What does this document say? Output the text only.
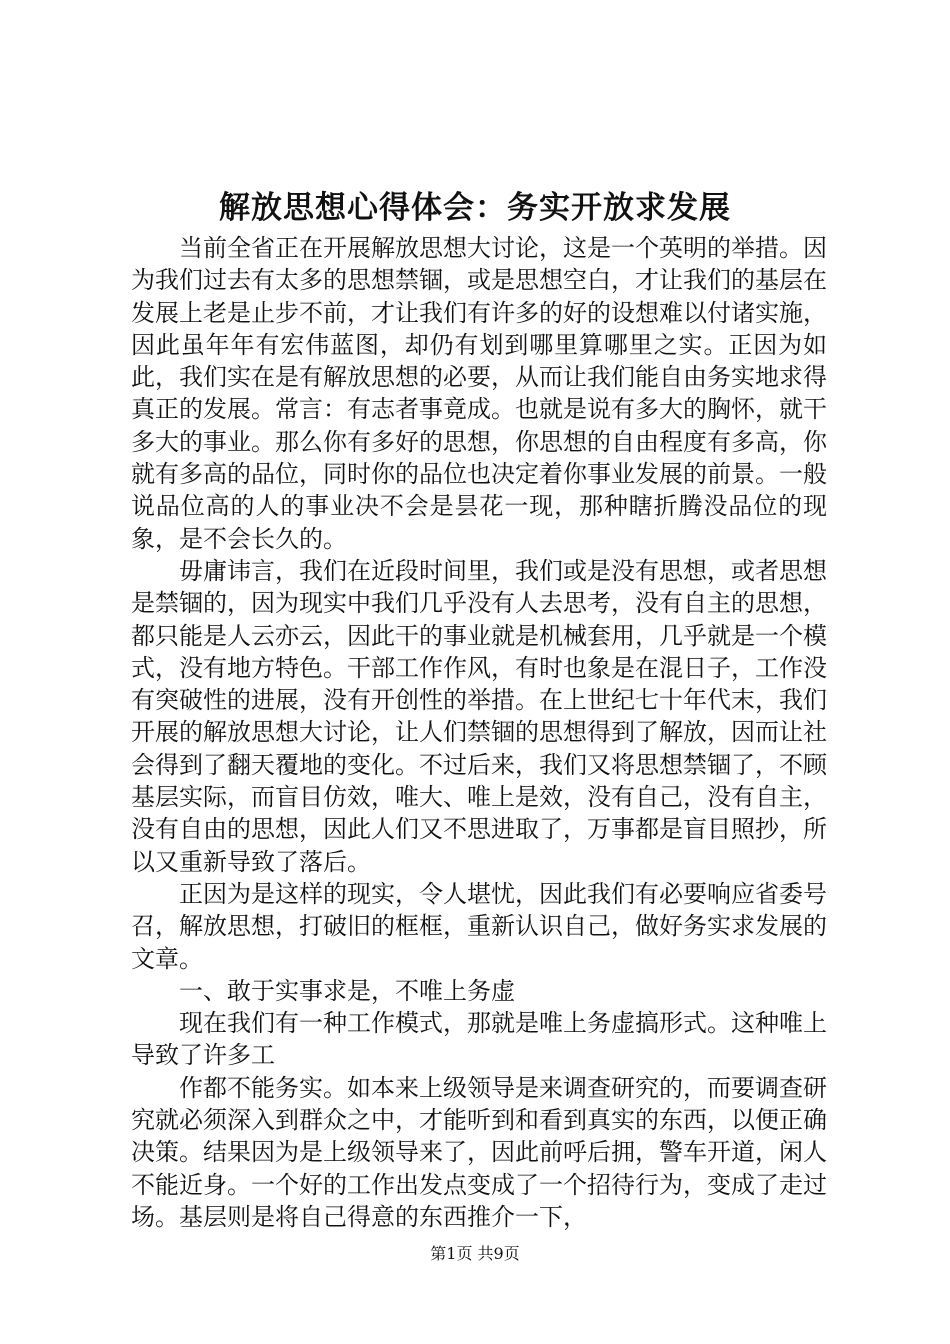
解放思想心得体会：务实开放求发展

当前全省正在开展解放思想大讨论，这是一个英明的举措。因为我们过去有太多的思想禁锢，或是思想空白，才让我们的基层在发展上老是止步不前，才让我们有许多的好的设想难以付诸实施，因此虽年年有宏伟蓝图，却仍有划到哪里算哪里之实。正因为如此，我们实在是有解放思想的必要，从而让我们能自由务实地求得真正的发展。常言：有志者事竟成。也就是说有多大的胸怀，就干多大的事业。那么你有多好的思想，你思想的自由程度有多高，你就有多高的品位，同时你的品位也决定着你事业发展的前景。一般说品位高的人的事业决不会是昙花一现，那种瞎折腾没品位的现象，是不会长久的。

毋庸讳言，我们在近段时间里，我们或是没有思想，或者思想是禁锢的，因为现实中我们几乎没有人去思考，没有自主的思想，都只能是人云亦云，因此干的事业就是机械套用，几乎就是一个模式，没有地方特色。干部工作作风，有时也象是在混日子，工作没有突破性的进展，没有开创性的举措。在上世纪七十年代末，我们开展的解放思想大讨论，让人们禁锢的思想得到了解放，因而让社会得到了翻天覆地的变化。不过后来，我们又将思想禁锢了，不顾基层实际，而盲目仿效，唯大、唯上是效，没有自己，没有自主，没有自由的思想，因此人们又不思进取了，万事都是盲目照抄，所以又重新导致了落后。

正因为是这样的现实，令人堪忧，因此我们有必要响应省委号召，解放思想，打破旧的框框，重新认识自己，做好务实求发展的文章。

一、敢于实事求是，不唯上务虚

现在我们有一种工作模式，那就是唯上务虚搞形式。这种唯上导致了许多工

作都不能务实。如本来上级领导是来调查研究的，而要调查研究就必须深入到群众之中，才能听到和看到真实的东西，以便正确决策。结果因为是上级领导来了，因此前呼后拥，警车开道，闲人不能近身。一个好的工作出发点变成了一个招待行为，变成了走过场。基层则是将自己得意的东西推介一下，

第1页 共9页
